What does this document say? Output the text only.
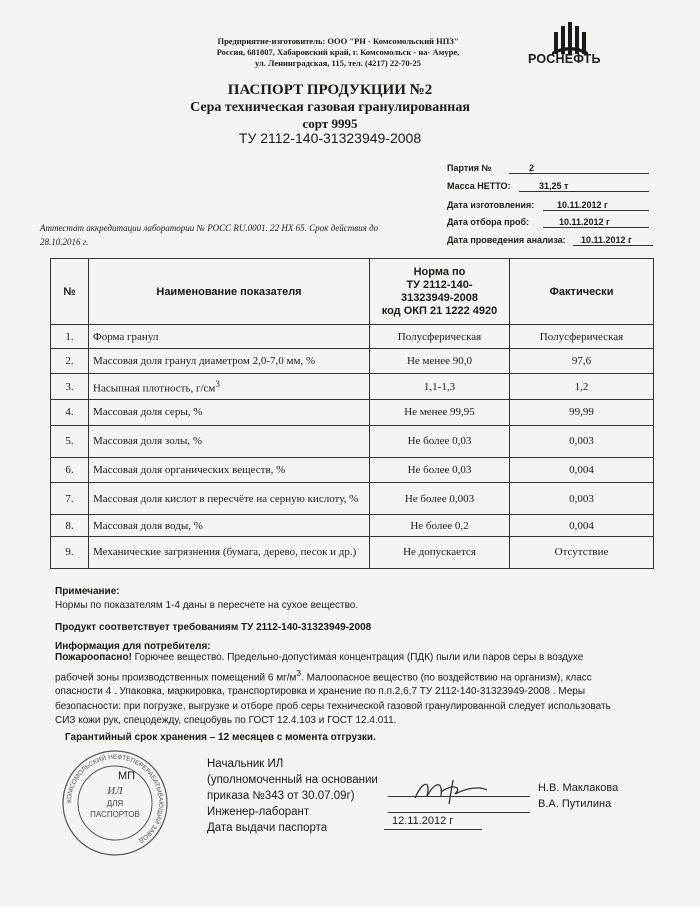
Предприятие-изготовитель: ООО "РН - Комсомольский НПЗ"
Россия, 681007, Хабаровский край, г. Комсомольск - на- Амуре,
ул. Ленинградская, 115, тел. (4217) 22-70-25	РОСНЕФТЬ
ПАСПОРТ ПРОДУКЦИИ №2
Сера техническая газовая гранулированная
сорт 9995
ТУ 2112-140-31323949-2008
Партия №	2
Масса НЕТТО:	31,25 т
Дата изготовления:	10.11.2012 г
Дата отбора проб:	10.11.2012 г
Дата проведения анализа: 10.11.2012 г
Аттестат аккредитации лаборатории № РОСС RU.0001. 22 НХ 65. Срок действия до
28.10.2016 г.
№	Наименование показателя	Норма по
ТУ 2112-140-
31323949-2008
код ОКП 21 1222 4920	Фактически
1.	Форма гранул	Полусферическая	Полусферическая
2.	Массовая доля гранул диаметром 2,0-7,0 мм, %	Не менее 90,0	97,6
3.	Насыпная плотность, $г/см^3$	1,1-1,3	1,2
4.	Массовая доля серы, %	Не менее 99,95	99,99
5.	Массовая доля золы, %	Не более 0,03	0,003
6.	Массовая доля органических веществ, %	Не более 0,03	0,004
7.	Массовая доля кислот в пересчёте на серную кислоту, %	Не более 0,003	0,003
8.	Массовая доля воды, %	Не более 0,2	0,004
9.	Механические загрязнения (бумага, дерево, песок и др.)	Не допускается	Отсутствие
Примечание:
Нормы по показателям 1-4 даны в пересчете на сухое вещество.
Продукт соответствует требованиям ТУ 2112-140-31323949-2008
Информация для потребителя:
Пожароопасно! Горючее вещество. Предельно-допустимая концентрация (ПДК) пыли или паров серы в воздухе
рабочей зоны производственных помещений 6 $мг/м^3$. Малоопасное вещество (по воздействию на организм), класс
опасности 4 . Упаковка, маркировка, транспортировка и хранение по п.п.2,6,7 ТУ 2112-140-31323949-2008 . Меры
безопасности: при погрузке, выгрузке и отборе проб серы технической газовой гранулированной следует использовать
СИЗ кожи рук, спецодежду, спецобувь по ГОСТ 12.4.103 и ГОСТ 12.4.011.
Гарантийный срок хранения – 12 месяцев с момента отгрузки.
КОМСОМОЛЬСКИЙ НЕФТЕПЕРЕРАБАТЫВАЮЩИЙ ЗАВОД
ИЛ
ДЛЯ
ПАСПОРТОВ
МП
Начальник ИЛ
(уполномоченный на основании
приказа №343 от 30.07.09г)
Инженер-лаборант
Дата выдачи паспорта
Н.В. Маклакова
В.А. Путилина
12.11.2012 г
